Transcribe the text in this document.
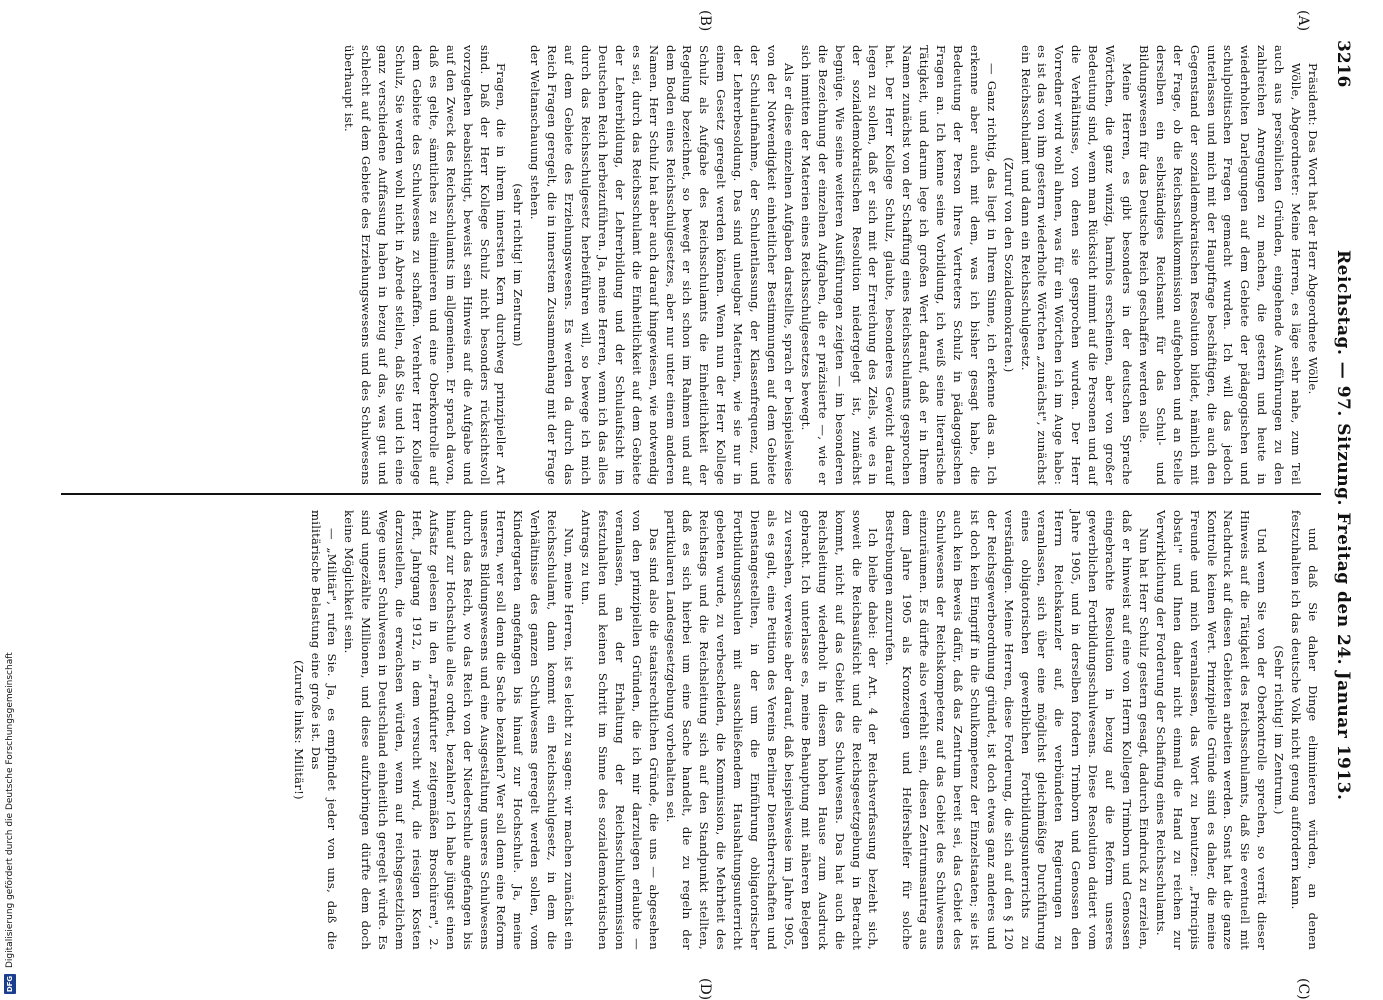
3216
Reichstag. — 97. Sitzung. Freitag den 24. Januar 1913.
(A)
(B)
(C)
(D)

Präsident: Das Wort hat der Herr Abgeordnete Wölle.

Wölle, Abgeordneter: Meine Herren, es läge sehr nahe, zum Teil auch aus persönlichen Gründen, eingehende Ausführungen zu den zahlreichen Anregungen zu machen, die gestern und heute in wiederholten Darlegungen auf dem Gebiete der pädagogischen und schulpolitischen Fragen gemacht wurden. Ich will das jedoch unterlassen und mich mit der Hauptfrage beschäftigen, die auch den Gegenstand der sozialdemokratischen Resolution bildet, nämlich mit der Frage, ob die Reichsschulkommission aufgehoben und an Stelle derselben ein selbständiges Reichsamt für das Schul- und Bildungswesen für das Deutsche Reich geschaffen werden solle.

Meine Herren, es gibt besonders in der deutschen Sprache Wörtchen, die ganz winzig, harmlos erscheinen, aber von großer Bedeutung sind, wenn man Rücksicht nimmt auf die Personen und auf die Verhältnisse, von denen sie gesprochen wurden. Der Herr Vorredner wird wohl ahnen, was für ein Wörtchen ich im Auge habe: es ist das von ihm gestern wiederholte Wörtchen „zunächst", zunächst ein Reichsschulamt und dann ein Reichsschulgesetz.

(Zuruf von den Sozialdemokraten.)

— Ganz richtig, das liegt in Ihrem Sinne, ich erkenne das an. Ich erkenne aber auch mit dem, was ich bisher gesagt habe, die Bedeutung der Person Ihres Vertreters Schulz in pädagogischen Fragen an. Ich kenne seine Vorbildung, ich weiß seine literarische Tätigkeit, und darum lege ich großen Wert darauf, daß er in Ihrem Namen zunächst von der Schaffung eines Reichsschulamts gesprochen hat. Der Herr Kollege Schulz, glaubte, besonderes Gewicht darauf legen zu sollen, daß er sich mit der Erreichung des Ziels, wie es in der sozialdemokratischen Resolution niedergelegt ist, zunächst begnüge. Wie seine weiteren Ausführungen zeigten — im besonderen die Bezeichnung der einzelnen Aufgaben, die er präzisierte —, wie er sich inmitten der Materien eines Reichsschulgesetzes bewegt.

Als er diese einzelnen Aufgaben darstellte, sprach er beispielsweise von der Notwendigkeit einheitlicher Bestimmungen auf dem Gebiete der Schulaufnahme, der Schulentlassung, der Klassenfrequenz, und der Lehrerbesoldung. Das sind unleugbar Materien, wie sie nur in einem Gesetz geregelt werden können. Wenn nun der Herr Kollege Schulz als Aufgabe des Reichsschulamts die Einheitlichkeit der Regelung bezeichnet, so bewegt er sich schon im Rahmen und auf dem Boden eines Reichsschulgesetzes, aber nur unter einem anderen Namen. Herr Schulz hat aber auch darauf hingewiesen, wie notwendig es sei, durch das Reichsschulamt die Einheitlichkeit auf dem Gebiete der Lehrerbildung, der Lehrerbildung und der Schulaufsicht im Deutschen Reich herbeizuführen. Ja, meine Herren, wenn ich das alles durch das Reichsschulgesetz herbeiführen will, so bewege ich mich auf dem Gebiete des Erziehungswesens. Es werden da durch das Reich Fragen geregelt, die in innerstem Zusammenhang mit der Frage der Weltanschauung stehen.

(sehr richtig! im Zentrum)

Fragen, die in ihrem innersten Kern durchweg prinzipieller Art sind. Daß der Herr Kollege Schulz nicht besonders rücksichtsvoll vorzugehen beabsichtigt, beweist sein Hinweis auf die Aufgabe und auf den Zweck des Reichsschulamts im allgemeinen. Er sprach davon, daß es gelte, sämtliches zu eliminieren und eine Oberkontrolle auf dem Gebiete des Schulwesens zu schaffen. Verehrter Herr Kollege Schulz, Sie werden wohl nicht in Abrede stellen, daß Sie und ich eine ganz verschiedene Auffassung haben in bezug auf das, was gut und schlecht auf dem Gebiete des Erziehungswesens und des Schulwesens überhaupt ist.

und daß Sie daher Dinge eliminieren würden, an denen festzuhalten ich das deutsche Volk nicht genug auffordern kann.

(Sehr richtig! im Zentrum.)

Und wenn Sie von der Oberkontrolle sprechen, so verrät dieser Hinweis auf die Tätigkeit des Reichsschulamts, daß Sie eventuell mit Nachdruck auf diesen Gebieten arbeiten werden. Sonst hat die ganze Kontrolle keinen Wert. Prinzipielle Gründe sind es daher, die meine Freunde und mich veranlassen, das Wort zu benutzen: „Principiis obsta!" und Ihnen daher nicht einmal die Hand zu reichen zur Verwirklichung der Forderung der Schaffung eines Reichsschulamts.

Nun hat Herr Schulz gestern gesagt, dadurch Eindruck zu erzielen, daß er hinweist auf eine von Herrn Kollegen Trimborn und Genossen eingebrachte Resolution in bezug auf die Reform unseres gewerblichen Fortbildungsschulwesens. Diese Resolution datiert vom Jahre 1905, und in derselben fordern Trimborn und Genossen den Herrn Reichskanzler auf, die verbündeten Regierungen zu veranlassen, sich über eine möglichst gleichmäßige Durchführung eines obligatorischen gewerblichen Fortbildungsunterrichts zu verständigen. Meine Herren, diese Forderung, die sich auf den § 120 der Reichsgewerbeordnung gründet, ist doch etwas ganz anderes und ist doch kein Eingriff in die Schulkompetenz der Einzelstaaten; sie ist auch kein Beweis dafür, daß das Zentrum bereit sei, das Gebiet des Schulwesens der Reichskompetenz auf das Gebiet des Schulwesens einzuräumen. Es dürfte also verfehlt sein, diesen Zentrumsantrag aus dem Jahre 1905 als Kronzeugen und Helfershelfer für solche Bestrebungen anzurufen.

Ich bleibe dabei: der Art. 4 der Reichsverfassung bezieht sich, soweit die Reichsaufsicht und die Reichsgesetzgebung in Betracht kommt, nicht auf das Gebiet des Schulwesens. Das hat auch die Reichsleitung wiederholt in diesem hohen Hause zum Ausdruck gebracht. Ich unterlasse es, meine Behauptung mit näheren Belegen zu versehen, verweise aber darauf, daß beispielsweise im Jahre 1905, als es galt, eine Petition des Vereins Berliner Dienstherrschaften und Dienstangestellten, in der um die Einführung obligatorischer Fortbildungsschulen mit ausschließendem Haushaltungsunterricht gebeten wurde, zu verbescheiden, die Kommission, die Mehrheit des Reichstags und die Reichsleitung sich auf den Standpunkt stellten, daß es sich hierbei um eine Sache handelt, die zu regeln der partikularen Landesgesetzgebung vorbehalten sei.

Das sind also die staatsrechtlichen Gründe, die uns — abgesehen von den prinzipiellen Gründen, die ich mir darzulegen erlaubte — veranlassen, an der Erhaltung der Reichsschulkommission festzuhalten und keinen Schritt im Sinne des sozialdemokratischen Antrags zu tun.

Nun, meine Herren, ist es leicht zu sagen: wir machen zunächst ein Reichsschulamt, dann kommt ein Reichsschulgesetz, in dem die Verhältnisse des ganzen Schulwesens geregelt werden sollen, vom Kindergarten angefangen bis hinauf zur Hochschule. Ja, meine Herren, wer soll denn die Sache bezahlen? Wer soll denn eine Reform unseres Bildungswesens und eine Ausgestaltung unseres Schulwesens durch das Reich, wo das Reich von der Niederschule angefangen bis hinauf zur Hochschule alles ordnet, bezahlen? Ich habe jüngst einen Aufsatz gelesen in den „Frankfurter zeitgemäßen Broschüren", 2. Heft, Jahrgang 1912, in dem versucht wird, die riesigen Kosten darzustellen, die erwachsen würden, wenn auf reichsgesetzlichem Wege unser Schulwesen in Deutschland einheitlich geregelt würde. Es sind ungezählte Millionen, und diese aufzubringen dürfte dem doch keine Möglichkeit sein.

— „Militär", rufen Sie. Ja, es empfindet jeder von uns, daß die militärische Belastung eine große ist. Das

(Zurufe links: Militär!)

DFG
Digitalisierung gefördert durch die Deutsche Forschungsgemeinschaft
